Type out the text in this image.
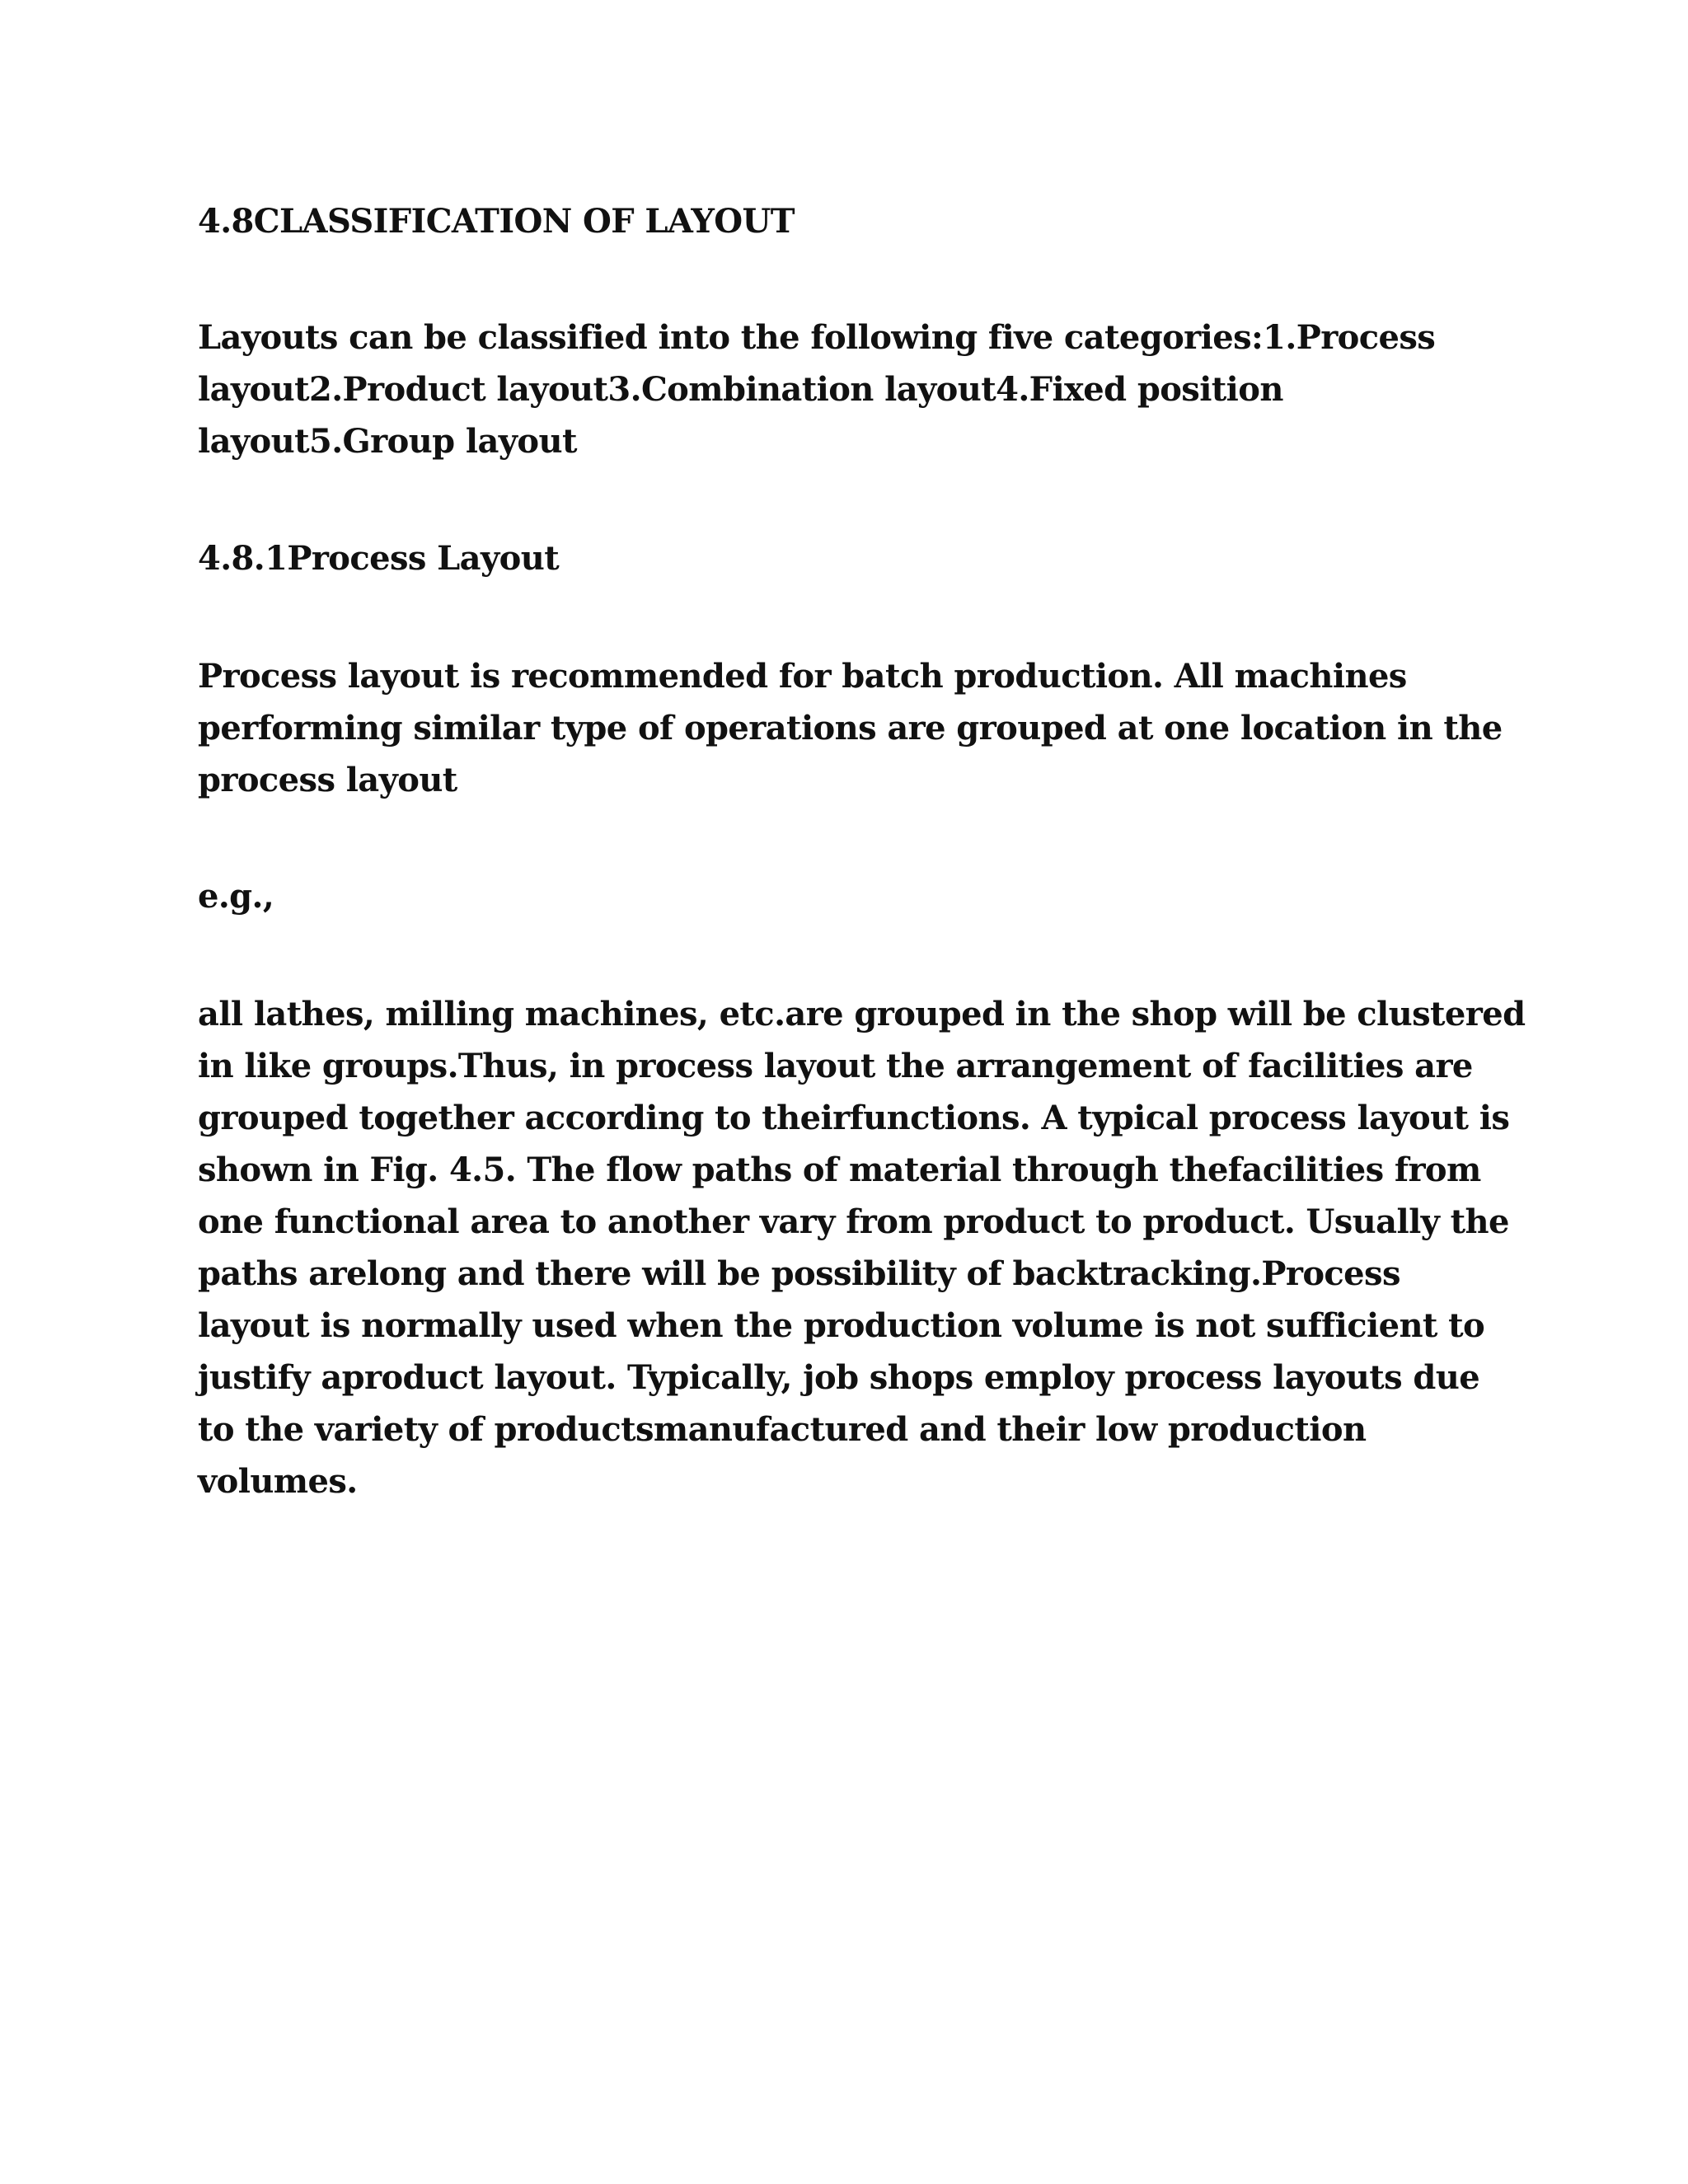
4.8CLASSIFICATION OF LAYOUT

Layouts can be classified into the following five categories:1.Process
layout2.Product layout3.Combination layout4.Fixed position
layout5.Group layout

4.8.1Process Layout

Process layout is recommended for batch production. All machines
performing similar type of operations are grouped at one location in the
process layout

e.g.,

all lathes, milling machines, etc.are grouped in the shop will be clustered
in like groups.Thus, in process layout the arrangement of facilities are
grouped together according to theirfunctions. A typical process layout is
shown in Fig. 4.5. The flow paths of material through thefacilities from
one functional area to another vary from product to product. Usually the
paths arelong and there will be possibility of backtracking.Process
layout is normally used when the production volume is not sufficient to
justify aproduct layout. Typically, job shops employ process layouts due
to the variety of productsmanufactured and their low production
volumes.
